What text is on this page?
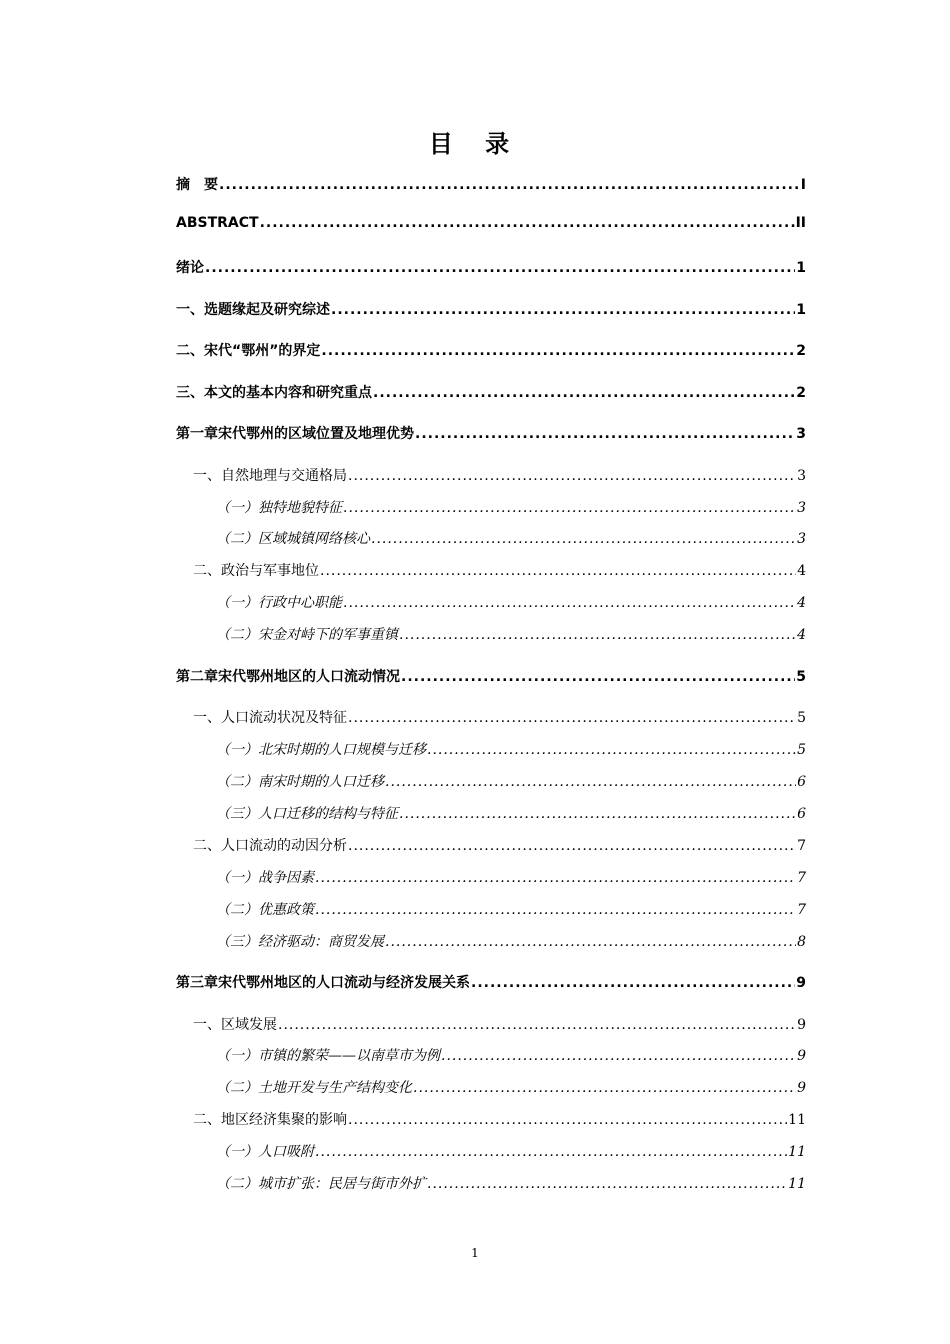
目 录
摘　要 .....	I
ABSTRACT .....	II
绪论 .....	1
一、 选题缘起及研究综述 .....	1
二、 宋代“鄂州”的界定 .....	2
三、 本文的基本内容和研究重点 .....	2
第一章 宋代鄂州的区域位置及地理优势 .....	3
一、 自然地理与交通格局 .....	3
（一） 独特地貌特征 .....	3
（二） 区域城镇网络核心 .....	3
二、 政治与军事地位 .....	4
（一） 行政中心职能 .....	4
（二） 宋金对峙下的军事重镇 .....	4
第二章 宋代鄂州地区的人口流动情况 .....	5
一、 人口流动状况及特征 .....	5
（一） 北宋时期的人口规模与迁移 .....	5
（二） 南宋时期的人口迁移 .....	6
（三） 人口迁移的结构与特征 .....	6
二、 人口流动的动因分析 .....	7
（一） 战争因素 .....	7
（二） 优惠政策 .....	7
（三） 经济驱动：商贸发展 .....	8
第三章 宋代鄂州地区的人口流动与经济发展关系 .....	9
一、 区域发展 .....	9
（一） 市镇的繁荣——以南草市为例 .....	9
（二） 土地开发与生产结构变化 .....	9
二、 地区经济集聚的影响 .....	11
（一） 人口吸附 .....	11
（二） 城市扩张：民居与街市外扩 .....	11
1
